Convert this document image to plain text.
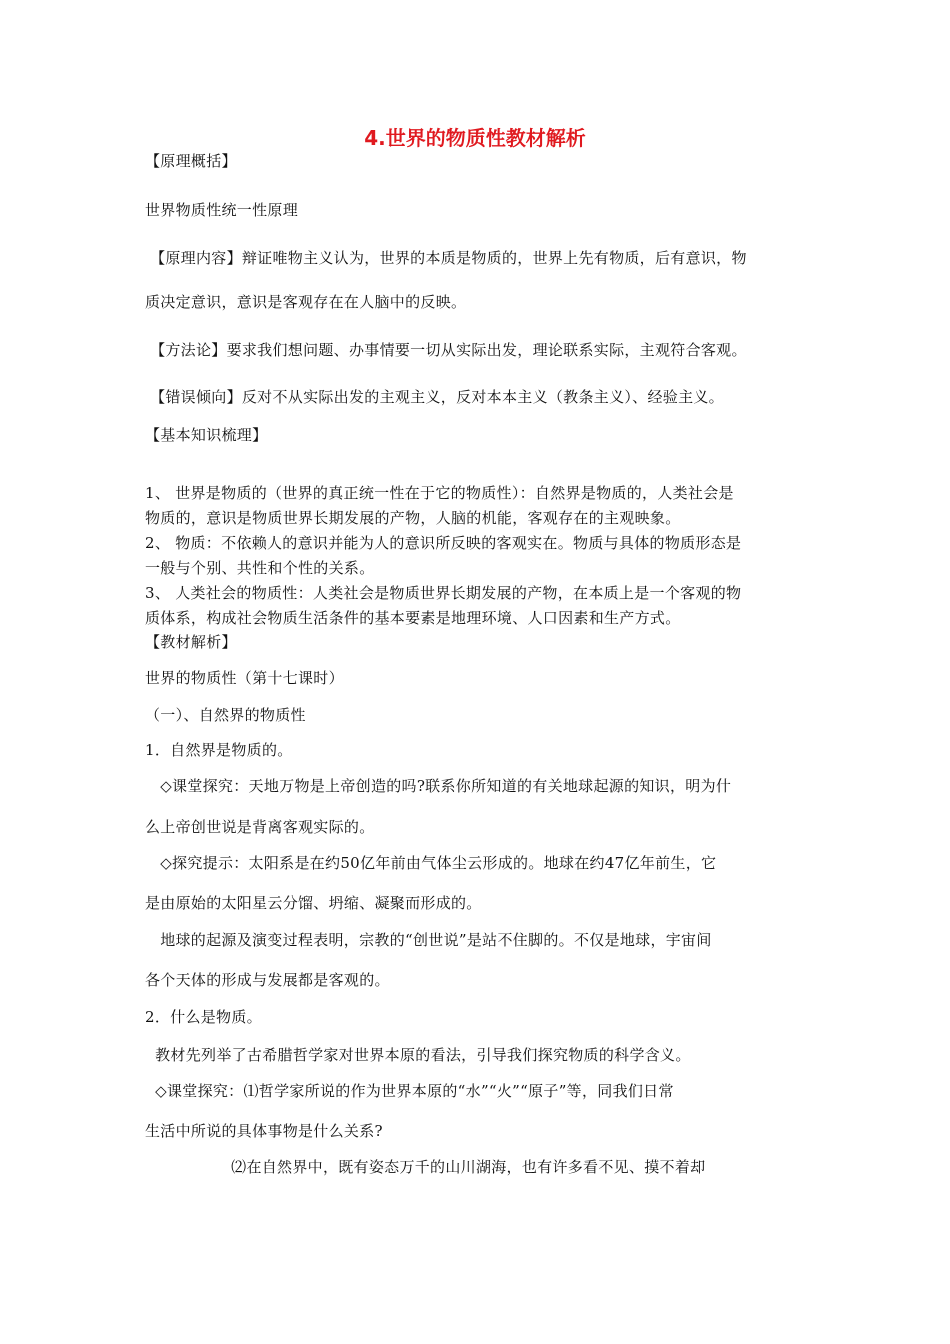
4.世界的物质性教材解析
【原理概括】
世界物质性统一性原理
【原理内容】辩证唯物主义认为，世界的本质是物质的，世界上先有物质，后有意识，物
质决定意识，意识是客观存在在人脑中的反映。
【方法论】要求我们想问题、办事情要一切从实际出发，理论联系实际，主观符合客观。
【错误倾向】反对不从实际出发的主观主义，反对本本主义（教条主义）、经验主义。
【基本知识梳理】
1、 世界是物质的（世界的真正统一性在于它的物质性）：自然界是物质的，人类社会是
物质的，意识是物质世界长期发展的产物，人脑的机能，客观存在的主观映象。
2、 物质：不依赖人的意识并能为人的意识所反映的客观实在。物质与具体的物质形态是
一般与个别、共性和个性的关系。
3、 人类社会的物质性：人类社会是物质世界长期发展的产物，在本质上是一个客观的物
质体系，构成社会物质生活条件的基本要素是地理环境、人口因素和生产方式。
【教材解析】
世界的物质性（第十七课时）
（一）、自然界的物质性
1．自然界是物质的。
◇课堂探究：天地万物是上帝创造的吗?联系你所知道的有关地球起源的知识，明为什
么上帝创世说是背离客观实际的。
◇探究提示：太阳系是在约50亿年前由气体尘云形成的。地球在约47亿年前生，它
是由原始的太阳星云分馏、坍缩、凝聚而形成的。
地球的起源及演变过程表明，宗教的“创世说”是站不住脚的。不仅是地球，宇宙间
各个天体的形成与发展都是客观的。
2．什么是物质。
教材先列举了古希腊哲学家对世界本原的看法，引导我们探究物质的科学含义。
◇课堂探究：⑴哲学家所说的作为世界本原的“水”“火”“原子”等，同我们日常
生活中所说的具体事物是什么关系?
⑵在自然界中，既有姿态万千的山川湖海，也有许多看不见、摸不着却
